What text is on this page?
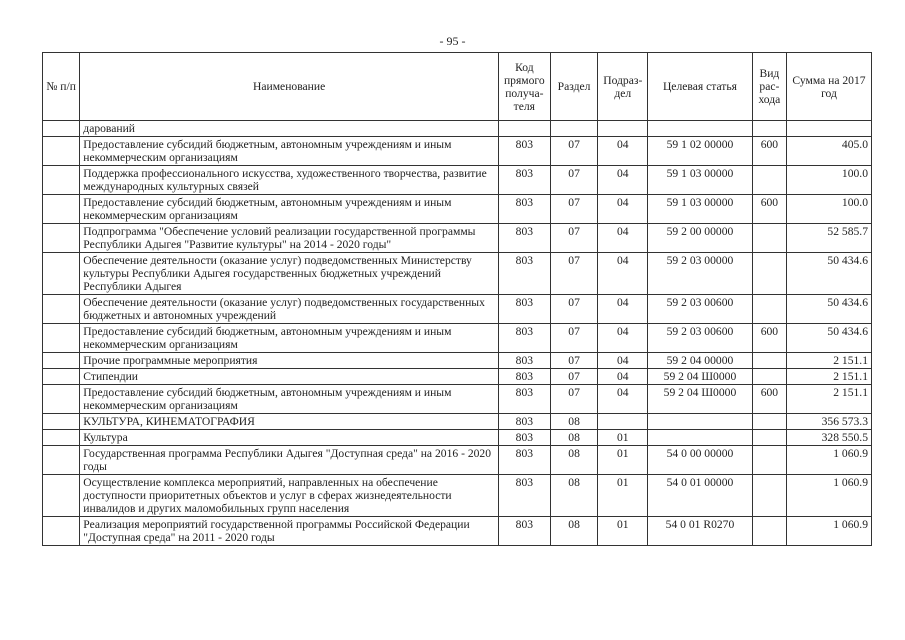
- 95 -
№ п/п	Наименование	Код прямого получа-теля	Раздел	Подраз-дел	Целевая статья	Вид рас-хода	Сумма на 2017 год
	дарований						
	Предоставление субсидий бюджетным, автономным учреждениям и иным некоммерческим организациям	803	07	04	59 1 02 00000	600	405.0
	Поддержка профессионального искусства, художественного творчества, развитие международных культурных связей	803	07	04	59 1 03 00000		100.0
	Предоставление субсидий бюджетным, автономным учреждениям и иным некоммерческим организациям	803	07	04	59 1 03 00000	600	100.0
	Подпрограмма "Обеспечение условий реализации государственной программы Республики Адыгея "Развитие культуры" на 2014 - 2020 годы"	803	07	04	59 2 00 00000		52 585.7
	Обеспечение деятельности (оказание услуг) подведомственных Министерству культуры Республики Адыгея государственных бюджетных учреждений Республики Адыгея	803	07	04	59 2 03 00000		50 434.6
	Обеспечение деятельности (оказание услуг) подведомственных государственных бюджетных и автономных учреждений	803	07	04	59 2 03 00600		50 434.6
	Предоставление субсидий бюджетным, автономным учреждениям и иным некоммерческим организациям	803	07	04	59 2 03 00600	600	50 434.6
	Прочие программные мероприятия	803	07	04	59 2 04 00000		2 151.1
	Стипендии	803	07	04	59 2 04 Ш0000		2 151.1
	Предоставление субсидий бюджетным, автономным учреждениям и иным некоммерческим организациям	803	07	04	59 2 04 Ш0000	600	2 151.1
	КУЛЬТУРА, КИНЕМАТОГРАФИЯ	803	08				356 573.3
	Культура	803	08	01			328 550.5
	Государственная программа Республики Адыгея "Доступная среда" на 2016 - 2020 годы	803	08	01	54 0 00 00000		1 060.9
	Осуществление комплекса мероприятий, направленных на обеспечение доступности приоритетных объектов и услуг в сферах жизнедеятельности инвалидов и других маломобильных групп населения	803	08	01	54 0 01 00000		1 060.9
	Реализация мероприятий государственной программы Российской Федерации "Доступная среда" на 2011 - 2020 годы	803	08	01	54 0 01 R0270		1 060.9
